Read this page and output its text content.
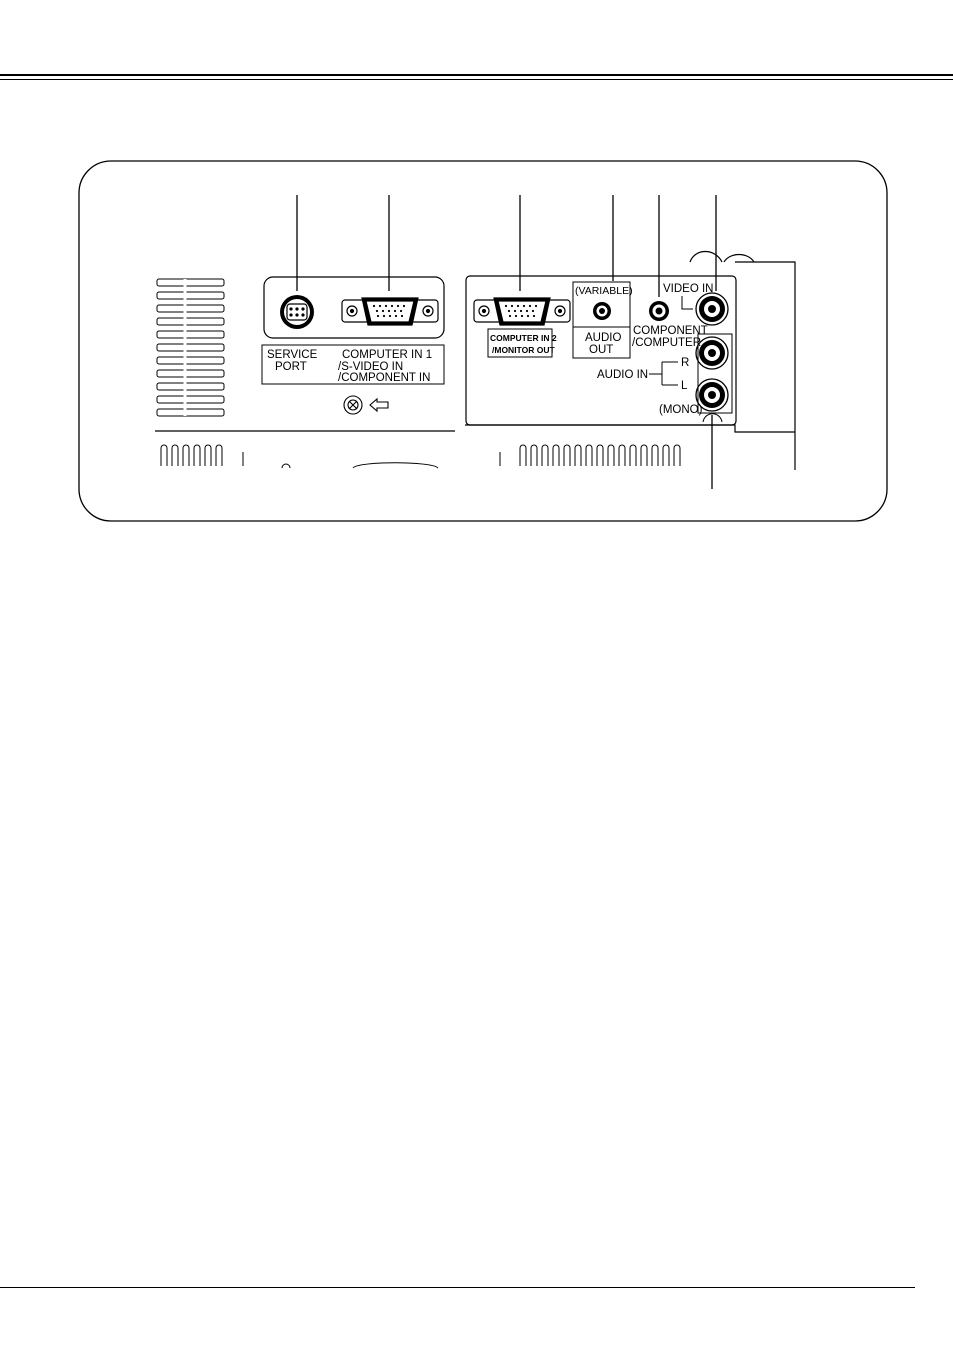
SERVICE
PORT
COMPUTER IN 1
/S-VIDEO IN
/COMPONENT IN
COMPUTER IN 2
/MONITOR OUT
(VARIABLE)
AUDIO
OUT
COMPONENT
/COMPUTER
VIDEO IN
AUDIO IN
R
L
(MONO)
